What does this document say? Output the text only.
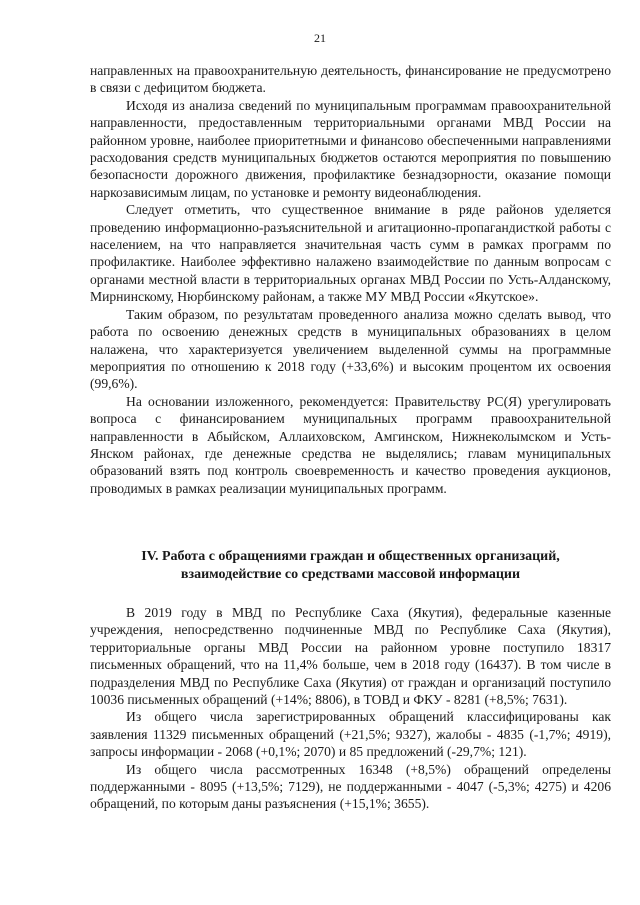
21

направленных на правоохранительную деятельность, финансирование не предусмотрено в связи с дефицитом бюджета.

Исходя из анализа сведений по муниципальным программам правоохранительной направленности, предоставленным территориальными органами МВД России на районном уровне, наиболее приоритетными и финансово обеспеченными направлениями расходования средств муниципальных бюджетов остаются мероприятия по повышению безопасности дорожного движения, профилактике безнадзорности, оказание помощи наркозависимым лицам, по установке и ремонту видеонаблюдения.

Следует отметить, что существенное внимание в ряде районов уделяется проведению информационно-разъяснительной и агитационно-пропагандисткой работы с населением, на что направляется значительная часть сумм в рамках программ по профилактике. Наиболее эффективно налажено взаимодействие по данным вопросам с органами местной власти в территориальных органах МВД России по Усть-Алданскому, Мирнинскому, Нюрбинскому районам, а также МУ МВД России «Якутское».

Таким образом, по результатам проведенного анализа можно сделать вывод, что работа по освоению денежных средств в муниципальных образованиях в целом налажена, что характеризуется увеличением выделенной суммы на программные мероприятия по отношению к 2018 году (+33,6%) и высоким процентом их освоения (99,6%).

На основании изложенного, рекомендуется: Правительству РС(Я) урегулировать вопроса с финансированием муниципальных программ правоохранительной направленности в Абыйском, Аллаиховском, Амгинском, Нижнеколымском и Усть-Янском районах, где денежные средства не выделялись; главам муниципальных образований взять под контроль своевременность и качество проведения аукционов, проводимых в рамках реализации муниципальных программ.

IV. Работа с обращениями граждан и общественных организаций,

взаимодействие со средствами массовой информации

В 2019 году в МВД по Республике Саха (Якутия), федеральные казенные учреждения, непосредственно подчиненные МВД по Республике Саха (Якутия), территориальные органы МВД России на районном уровне поступило 18317 письменных обращений, что на 11,4% больше, чем в 2018 году (16437). В том числе в подразделения МВД по Республике Саха (Якутия) от граждан и организаций поступило 10036 письменных обращений (+14%; 8806), в ТОВД и ФКУ - 8281 (+8,5%; 7631).

Из общего числа зарегистрированных обращений классифицированы как заявления 11329 письменных обращений (+21,5%; 9327), жалобы - 4835 (-1,7%; 4919), запросы информации - 2068 (+0,1%; 2070) и 85 предложений (-29,7%; 121).

Из общего числа рассмотренных 16348 (+8,5%) обращений определены поддержанными - 8095 (+13,5%; 7129), не поддержанными - 4047 (-5,3%; 4275) и 4206 обращений, по которым даны разъяснения (+15,1%; 3655).
